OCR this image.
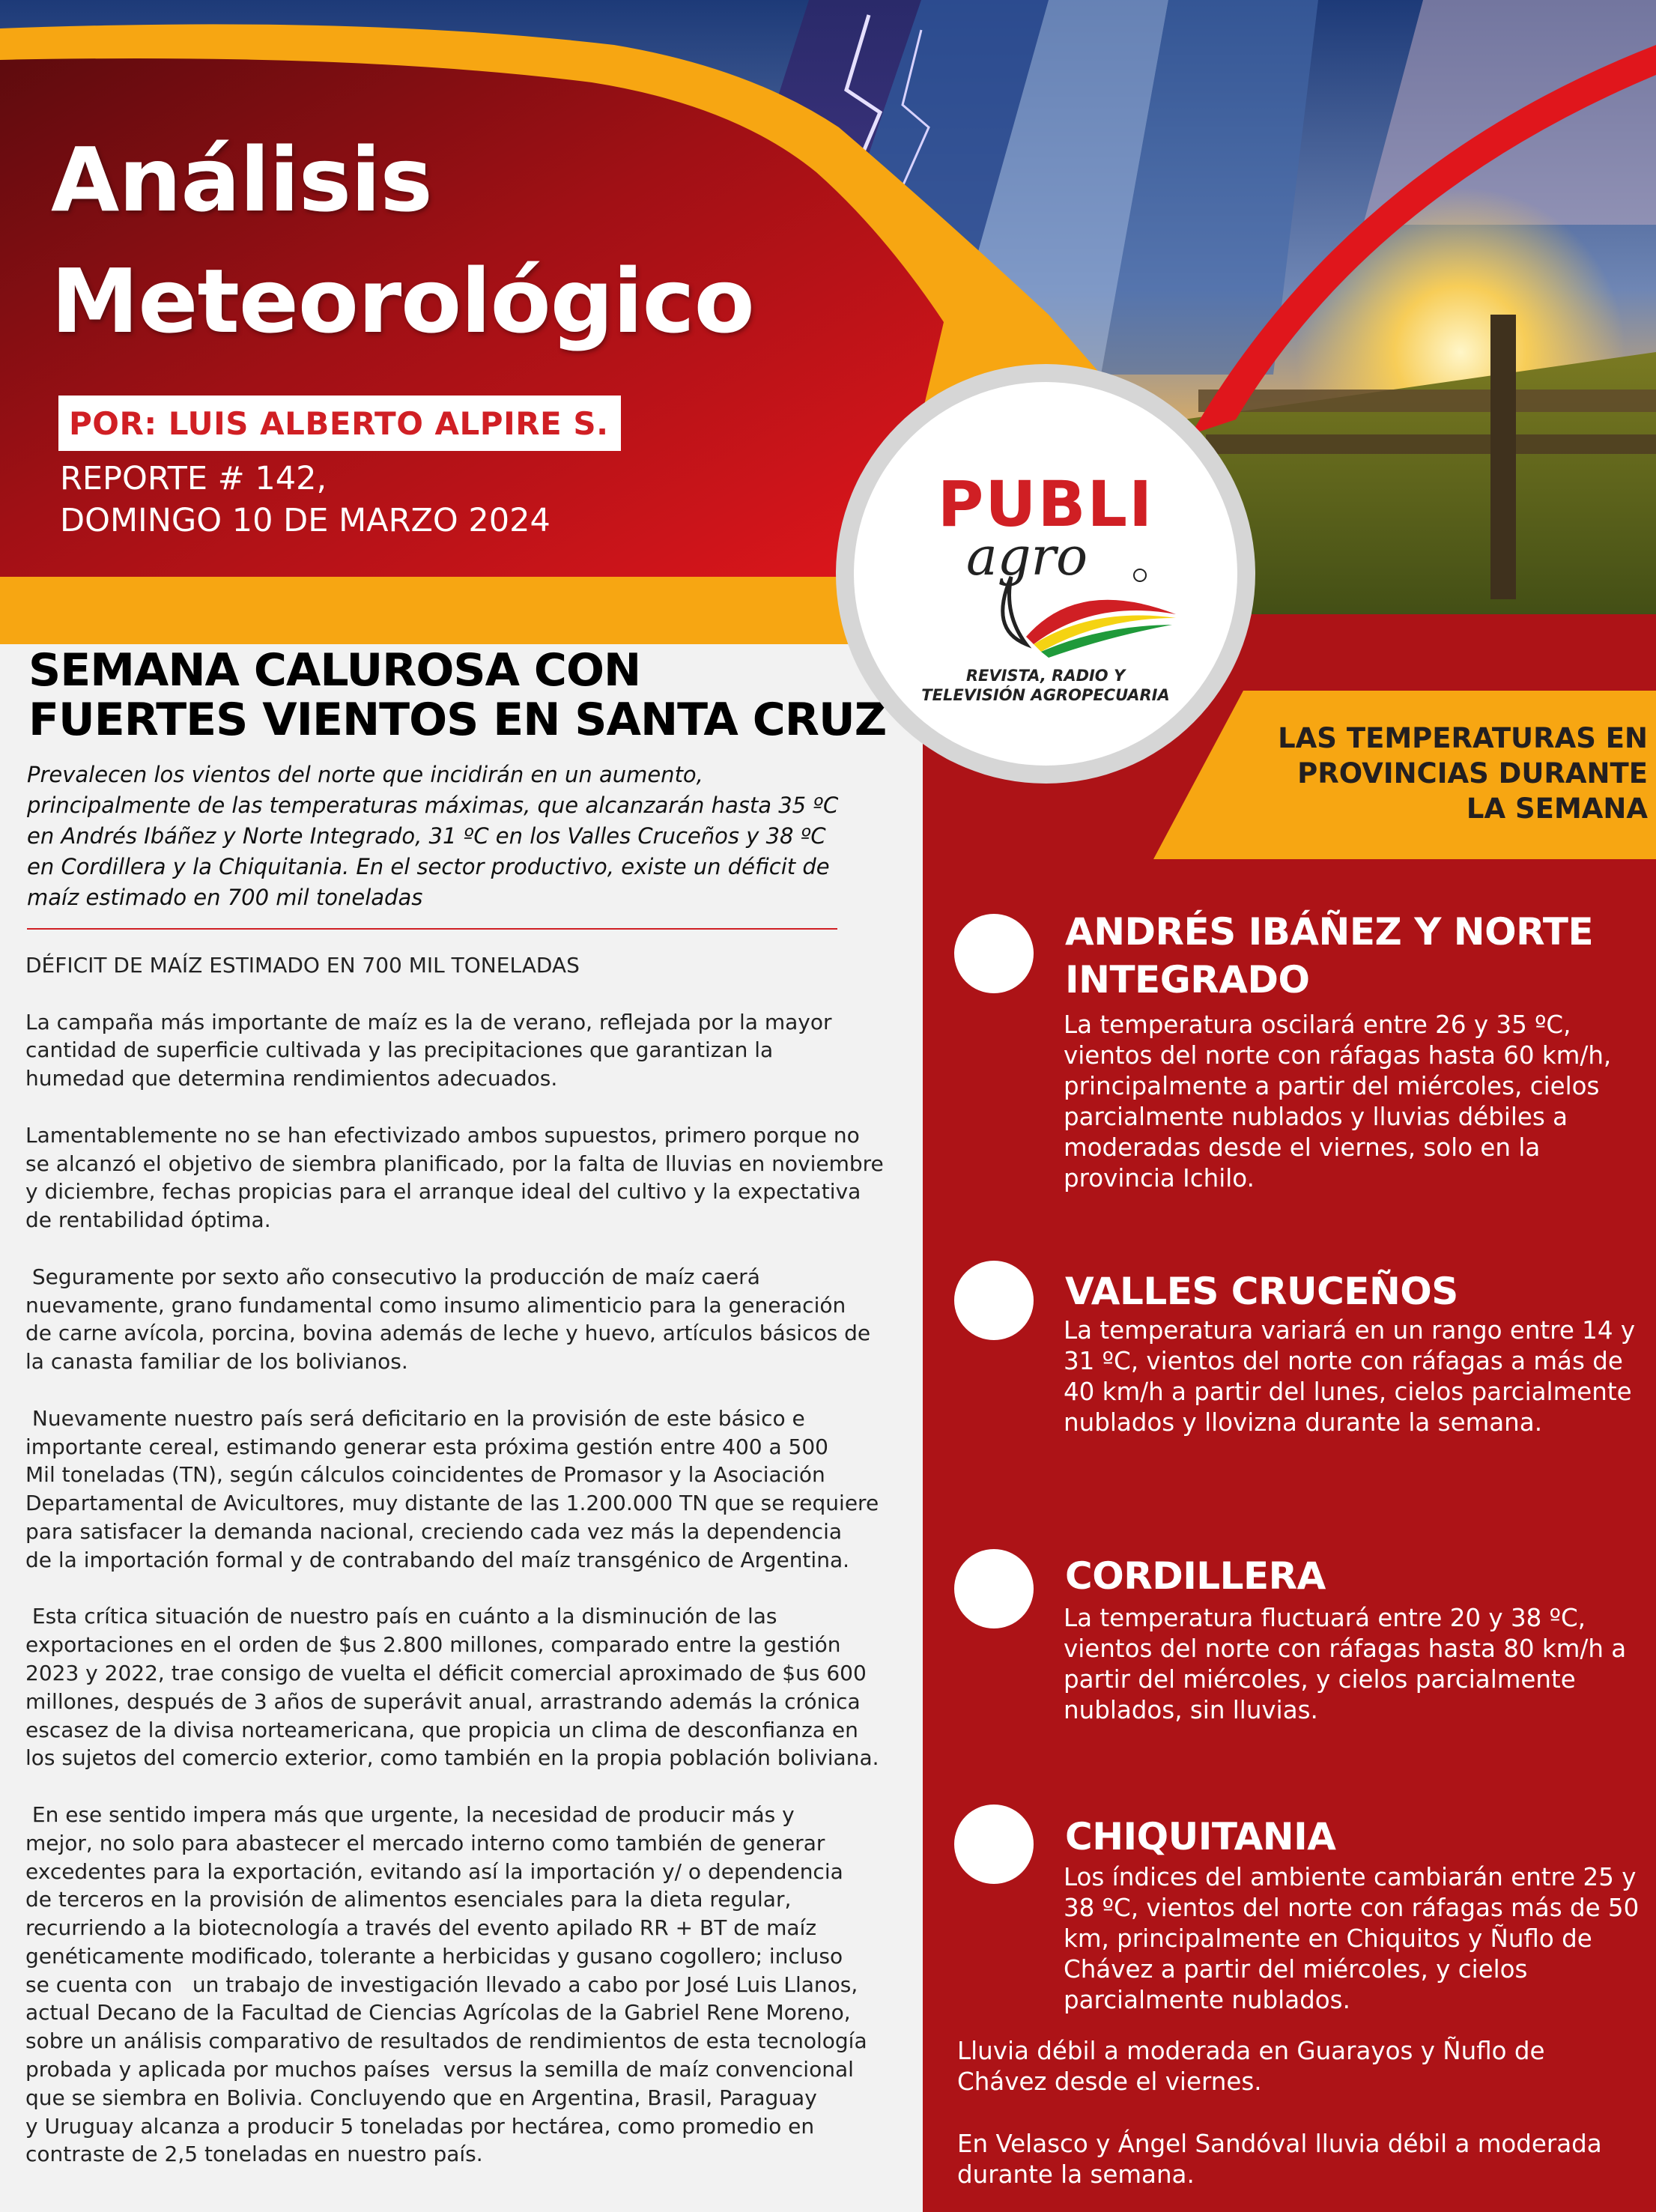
Análisis
Meteorológico
POR: LUIS ALBERTO ALPIRE S.
REPORTE # 142,
DOMINGO 10 DE MARZO 2024
LAS TEMPERATURAS EN
PROVINCIAS DURANTE
LA SEMANA
PUBLI
agro
REVISTA, RADIO Y
TELEVISIÓN AGROPECUARIA
SEMANA CALUROSA CON
FUERTES VIENTOS EN SANTA CRUZ
Prevalecen los vientos del norte que incidirán en un aumento, principalmente de las temperaturas máximas, que alcanzarán hasta 35 ºC en Andrés Ibáñez y Norte Integrado, 31 ºC en los Valles Cruceños y 38 ºC en Cordillera y la Chiquitania. En el sector productivo, existe un déficit de maíz estimado en 700 mil toneladas
DÉFICIT DE MAÍZ ESTIMADO EN 700 MIL TONELADAS

La campaña más importante de maíz es la de verano, reflejada por la mayor
cantidad de superficie cultivada y las precipitaciones que garantizan la
humedad que determina rendimientos adecuados.

Lamentablemente no se han efectivizado ambos supuestos, primero porque no
se alcanzó el objetivo de siembra planificado, por la falta de lluvias en noviembre
y diciembre, fechas propicias para el arranque ideal del cultivo y la expectativa
de rentabilidad óptima.

Seguramente por sexto año consecutivo la producción de maíz caerá
nuevamente, grano fundamental como insumo alimenticio para la generación
de carne avícola, porcina, bovina además de leche y huevo, artículos básicos de
la canasta familiar de los bolivianos.

Nuevamente nuestro país será deficitario en la provisión de este básico e
importante cereal, estimando generar esta próxima gestión entre 400 a 500
Mil toneladas (TN), según cálculos coincidentes de Promasor y la Asociación
Departamental de Avicultores, muy distante de las 1.200.000 TN que se requiere
para satisfacer la demanda nacional, creciendo cada vez más la dependencia
de la importación formal y de contrabando del maíz transgénico de Argentina.

Esta crítica situación de nuestro país en cuánto a la disminución de las
exportaciones en el orden de $us 2.800 millones, comparado entre la gestión
2023 y 2022, trae consigo de vuelta el déficit comercial aproximado de $us 600
millones, después de 3 años de superávit anual, arrastrando además la crónica
escasez de la divisa norteamericana, que propicia un clima de desconfianza en
los sujetos del comercio exterior, como también en la propia población boliviana.

En ese sentido impera más que urgente, la necesidad de producir más y
mejor, no solo para abastecer el mercado interno como también de generar
excedentes para la exportación, evitando así la importación y/ o dependencia
de terceros en la provisión de alimentos esenciales para la dieta regular,
recurriendo a la biotecnología a través del evento apilado RR + BT de maíz
genéticamente modificado, tolerante a herbicidas y gusano cogollero; incluso
se cuenta con   un trabajo de investigación llevado a cabo por José Luis Llanos,
actual Decano de la Facultad de Ciencias Agrícolas de la Gabriel Rene Moreno,
sobre un análisis comparativo de resultados de rendimientos de esta tecnología
probada y aplicada por muchos países  versus la semilla de maíz convencional
que se siembra en Bolivia. Concluyendo que en Argentina, Brasil, Paraguay
y Uruguay alcanza a producir 5 toneladas por hectárea, como promedio en
contraste de 2,5 toneladas en nuestro país.
ANDRÉS IBÁÑEZ Y NORTE INTEGRADO
La temperatura oscilará entre 26 y 35 ºC, vientos del norte con ráfagas hasta 60 km/h, principalmente a partir del miércoles, cielos parcialmente nublados y lluvias débiles a moderadas desde el viernes, solo en la provincia Ichilo.
VALLES CRUCEÑOS
La temperatura variará en un rango entre 14 y 31 ºC, vientos del norte con ráfagas a más de 40 km/h a partir del lunes, cielos parcialmente nublados y llovizna durante la semana.
CORDILLERA
La temperatura fluctuará entre 20 y 38 ºC, vientos del norte con ráfagas hasta 80 km/h a partir del miércoles, y cielos parcialmente nublados, sin lluvias.
CHIQUITANIA
Los índices del ambiente cambiarán entre 25 y 38 ºC, vientos del norte con ráfagas más de 50 km, principalmente en Chiquitos y Ñuflo de Chávez a partir del miércoles, y cielos parcialmente nublados.
Lluvia débil a moderada en Guarayos y Ñuflo de Chávez desde el viernes.
En Velasco y Ángel Sandóval lluvia débil a moderada durante la semana.
